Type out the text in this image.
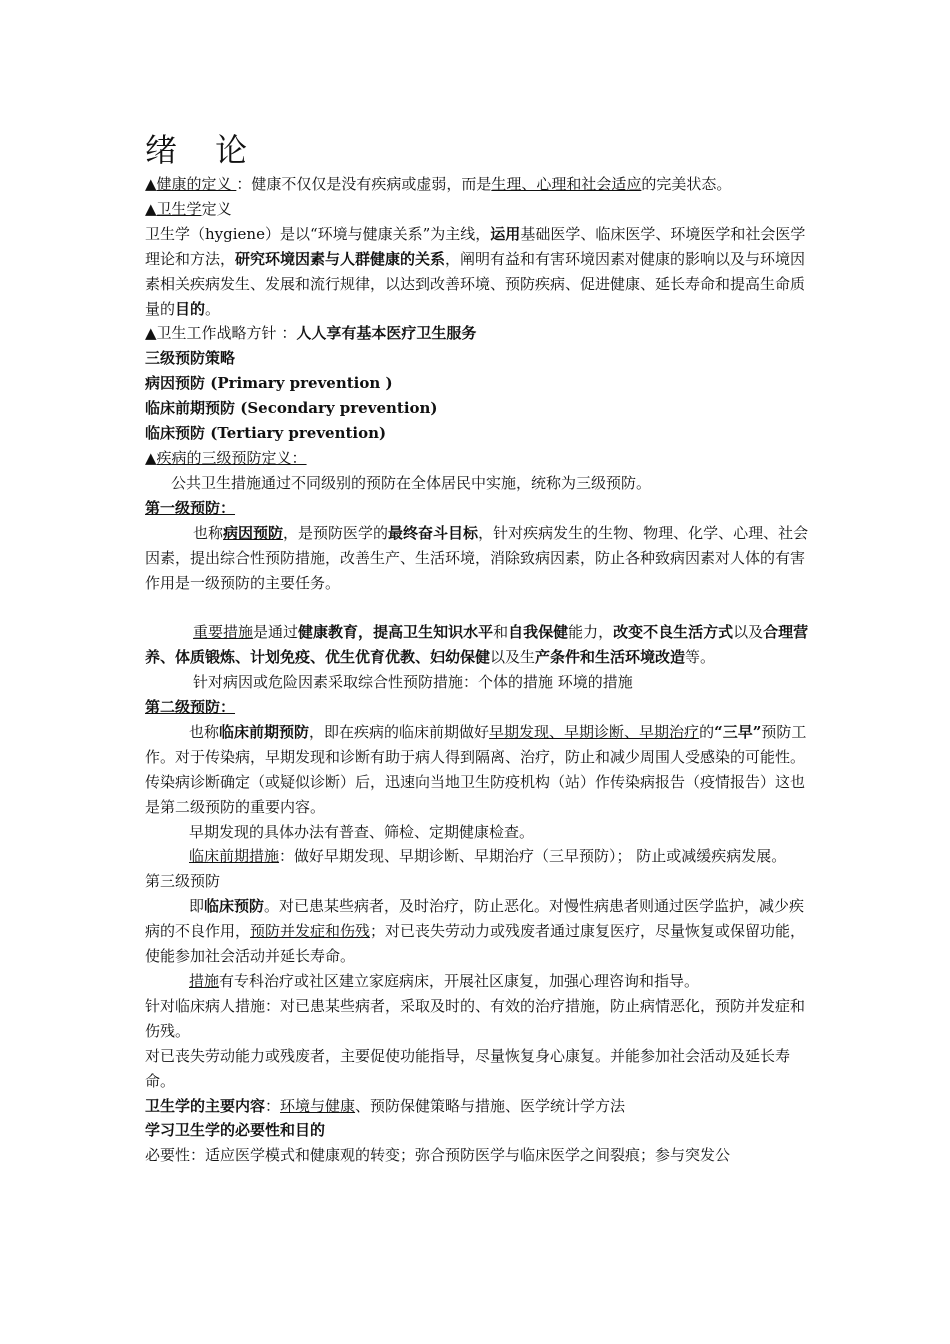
绪 论

▲健康的定义 ：健康不仅仅是没有疾病或虚弱，而是生理、心理和社会适应的完美状态。

▲卫生学定义

卫生学（hygiene）是以“环境与健康关系”为主线，运用基础医学、临床医学、环境医学和社会医学理论和方法，研究环境因素与人群健康的关系，阐明有益和有害环境因素对健康的影响以及与环境因素相关疾病发生、发展和流行规律，以达到改善环境、预防疾病、促进健康、延长寿命和提高生命质量的目的。

▲卫生工作战略方针 ：人人享有基本医疗卫生服务

三级预防策略

病因预防 (Primary prevention )

临床前期预防 (Secondary prevention)

临床预防 (Tertiary prevention)

▲疾病的三级预防定义：

公共卫生措施通过不同级别的预防在全体居民中实施，统称为三级预防。

第一级预防：

也称病因预防，是预防医学的最终奋斗目标，针对疾病发生的生物、物理、化学、心理、社会因素，提出综合性预防措施，改善生产、生活环境，消除致病因素，防止各种致病因素对人体的有害作用是一级预防的主要任务。

重要措施是通过健康教育，提高卫生知识水平和自我保健能力，改变不良生活方式以及合理营养、体质锻炼、计划免疫、优生优育优教、妇幼保健以及生产条件和生活环境改造等。

针对病因或危险因素采取综合性预防措施：个体的措施 环境的措施

第二级预防：

也称临床前期预防，即在疾病的临床前期做好早期发现、早期诊断、早期治疗的“三早”预防工作。对于传染病，早期发现和诊断有助于病人得到隔离、治疗，防止和减少周围人受感染的可能性。传染病诊断确定（或疑似诊断）后，迅速向当地卫生防疫机构（站）作传染病报告（疫情报告）这也是第二级预防的重要内容。

早期发现的具体办法有普查、筛检、定期健康检查。

临床前期措施：做好早期发现、早期诊断、早期治疗（三早预防）； 防止或减缓疾病发展。

第三级预防

即临床预防。对已患某些病者，及时治疗，防止恶化。对慢性病患者则通过医学监护，减少疾病的不良作用，预防并发症和伤残；对已丧失劳动力或残废者通过康复医疗，尽量恢复或保留功能，使能参加社会活动并延长寿命。

措施有专科治疗或社区建立家庭病床，开展社区康复，加强心理咨询和指导。

针对临床病人措施：对已患某些病者，采取及时的、有效的治疗措施，防止病情恶化，预防并发症和伤残。

对已丧失劳动能力或残废者，主要促使功能指导，尽量恢复身心康复。并能参加社会活动及延长寿命。

卫生学的主要内容：环境与健康、预防保健策略与措施、医学统计学方法

学习卫生学的必要性和目的

必要性：适应医学模式和健康观的转变；弥合预防医学与临床医学之间裂痕；参与突发公
